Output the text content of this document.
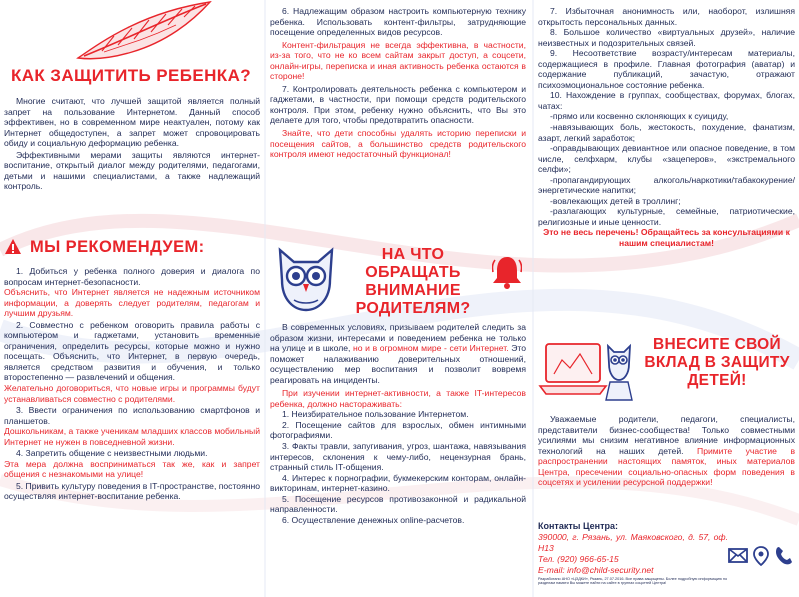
КАК ЗАЩИТИТЬ РЕБЕНКА?

Многие считают, что лучшей защитой является полный запрет на пользование Интернетом. Данный способ эффективен, но в современном мире неактуален, потому как Интернет общедоступен, а запрет может спровоцировать обиду и социальную деформацию ребенка.

Эффективными мерами защиты являются интернет-воспитание, открытый диалог между родителями, педагогами, детьми и нашими специалистами, а также надлежащий контроль.

МЫ РЕКОМЕНДУЕМ:

1. Добиться у ребенка полного доверия и диалога по вопросам интернет-безопасности.

Объяснить, что Интернет является не надежным источником информации, а доверять следует родителям, педагогам и лучшим друзьям.

2. Совместно с ребенком оговорить правила работы с компьютером и гаджетами, установить временные ограничения, определить ресурсы, которые можно и нужно посещать. Объяснить, что Интернет, в первую очередь, является средством развития и обучения, и только второстепенно — развлечений и общения.

Желательно договориться, что новые игры и программы будут устанавливаться совместно с родителями.

3. Ввести ограничения по использованию смартфонов и планшетов.

Дошкольникам, а также ученикам младших классов мобильный Интернет не нужен в повседневной жизни.

4. Запретить общение с неизвестными людьми.

Эта мера должна восприниматься так же, как и запрет общения с незнакомыми на улице!

5. Привить культуру поведения в IT-пространстве, постоянно осуществляя интернет-воспитание ребенка.

6. Надлежащим образом настроить компьютерную технику ребенка. Использовать контент-фильтры, затрудняющие посещение определенных видов ресурсов.

Контент-фильтрация не всегда эффективна, в частности, из-за того, что не ко всем сайтам закрыт доступ, а соцсети, онлайн-игры, переписка и иная активность ребенка остаются в стороне!

7. Контролировать деятельность ребенка с компьютером и гаджетами, в частности, при помощи средств родительского контроля. При этом, ребенку нужно объяснить, что Вы это делаете для того, чтобы предотвратить опасности.

Знайте, что дети способны удалять историю переписки и посещения сайтов, а большинство средств родительского контроля имеют недостаточный функционал!

НА ЧТО ОБРАЩАТЬ ВНИМАНИЕ РОДИТЕЛЯМ?

В современных условиях, призываем родителей следить за образом жизни, интересами и поведением ребенка не только на улице и в школе, но и в огромном мире - сети Интернет. Это поможет налаживанию доверительных отношений, осуществлению мер воспитания и позволит вовремя реагировать на инциденты.

При изучении интернет-активности, а также IT-интересов ребенка, должно настораживать:

1. Неизбирательное пользование Интернетом.

2. Посещение сайтов для взрослых, обмен интимными фотографиями.

3. Факты травли, запугивания, угроз, шантажа, навязывания интересов, склонения к чему-либо, нецензурная брань, странный стиль IT-общения.

4. Интерес к порнографии, букмекерским конторам, онлайн-викторинам, интернет-казино.

5. Посещение ресурсов противозаконной и радикальной направленности.

6. Осуществление денежных online-расчетов.

7. Избыточная анонимность или, наоборот, излишняя открытость персональных данных.

8. Большое количество «виртуальных друзей», наличие неизвестных и подозрительных связей.

9. Несоответствие возрасту/интересам материалы, содержащиеся в профиле. Главная фотография (аватар) и содержание публикаций, зачастую, отражают психоэмоциональное состояние ребенка.

10. Нахождение в группах, сообществах, форумах, блогах, чатах:

-прямо или косвенно склоняющих к суициду,

-навязывающих боль, жестокость, похудение, фанатизм, азарт, легкий заработок;

-оправдывающих девиантное или опасное поведение, в том числе, селфхарм, клубы «зацеперов», «экстремального селфи»;

-пропагандирующих алкоголь/наркотики/табакокурение/энергетические напитки;

-вовлекающих детей в троллинг;

-разлагающих культурные, семейные, патриотические, религиозные и иные ценности.

Это не весь перечень! Обращайтесь за консультациями к нашим специалистам!

ВНЕСИТЕ СВОЙ ВКЛАД В ЗАЩИТУ ДЕТЕЙ!

Уважаемые родители, педагоги, специалисты, представители бизнес-сообщества! Только совместными усилиями мы снизим негативное влияние информационных технологий на наших детей. Примите участие в распространении настоящих памяток, иных материалов Центра, пресечении социально-опасных форм поведения в соцсетях и усилении ресурсной поддержки!

Контакты Центра:

390000, г. Рязань, ул. Маяковского, д. 57, оф. Н13

Тел. (920) 966-65-15

E-mail: info@child-security.net

Разработано АНО «ЦЗДКИ», Рязань, 27.07.2016. Все права защищены. Более подробную информацию по разделам памяти Вы можете найти на сайте в группах соцсетей Центра!
